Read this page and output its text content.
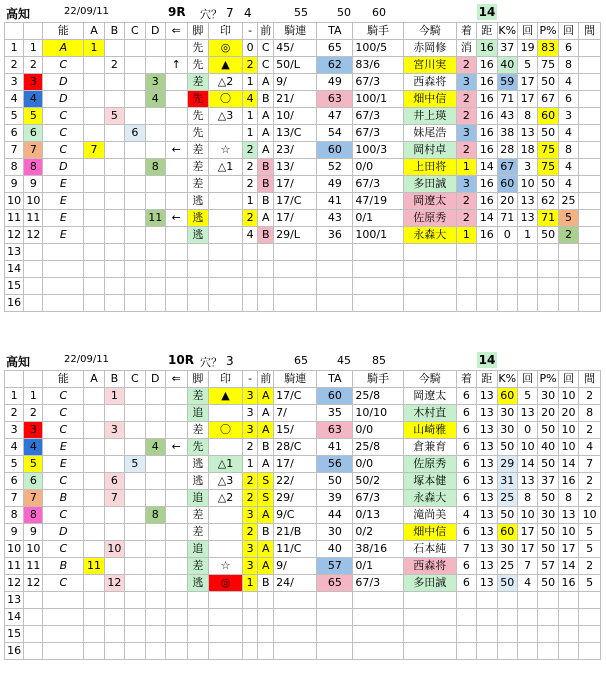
高知	22/09/11	9R 穴？ 7 4	55	50 60	14
		能	A	B	C	D	⇐	脚	印	-	前	騎連	TA	騎手	今騎	着	距	K%	回	P%	回	間
1	1	A	1					先	◎	0	C	45/	65	100/5	赤岡修	消	16	37	19	83	6	
2	2	C		2			↑	先	▲	2	C	50/L	62	83/6	宮川実	2	16	40	5	75	8	
3	3	D				3		差	△2	1	A	9/	49	67/3	西森将	3	16	59	17	50	4	
4	4	D				4		先	〇	4	B	21/	63	100/1	畑中信	2	16	71	17	67	6	
5	5	C		5				先	△3	1	A	10/	47	67/3	井上瑛	2	16	43	8	60	3	
6	6	C			6			先		1	A	13/C	54	67/3	妹尾浩	3	16	38	13	50	4	
7	7	C	7				←	差	☆	2	A	23/	60	100/3	岡村卓	2	16	28	18	75	8	
8	8	D				8		差	△1	2	B	13/	52	0/0	上田将	1	14	67	3	75	4	
9	9	E						差		2	B	17/	49	67/3	多田誠	3	16	60	10	50	4	
10	10	E						逃		1	B	17/C	41	47/19	岡遼太	2	16	20	13	62	25	
11	11	E				11	←	逃		2	A	17/	43	0/1	佐原秀	2	14	71	13	71	5	
12	12	E						逃		4	B	29/L	36	100/1	永森大	1	16	0	1	50	2	
13																						
14																						
15																						
16																						
高知	22/09/11	10R 穴？ 3	65	45 85	14
		能	A	B	C	D	⇐	脚	印	-	前	騎連	TA	騎手	今騎	着	距	K%	回	P%	回	間
1	1	C		1				差	▲	3	A	17/C	60	25/8	岡遼太	6	13	60	5	30	10	2
2	2	C						追		3	A	7/	35	10/10	木村直	6	13	30	13	20	20	8
3	3	C		3				差	〇	3	A	15/	63	0/0	山崎雅	6	13	30	0	50	10	2
4	4	E				4	←	先		2	B	28/C	41	25/8	倉兼育	6	13	50	10	40	10	4
5	5	E			5			逃	△1	1	A	17/	56	0/0	佐原秀	6	13	29	14	50	14	7
6	6	C		6				逃	△3	2	S	22/	50	50/2	塚本健	6	13	31	13	37	16	2
7	7	B		7				追	△2	2	S	29/	39	67/3	永森大	6	13	25	8	50	8	2
8	8	C				8		差		3	A	9/C	44	0/13	滝尚美	4	13	50	10	30	13	10
9	9	D						差		2	B	21/B	30	0/2	畑中信	6	13	60	17	50	10	5
10	10	C		10				追		3	A	11/C	40	38/16	石本純	7	13	30	17	50	17	5
11	11	B	11					差	☆	3	A	9/	57	0/1	西森将	6	13	25	7	57	14	2
12	12	C		12				逃	◎	1	B	24/	65	67/3	多田誠	6	13	50	4	50	16	5
13																						
14																						
15																						
16																						
